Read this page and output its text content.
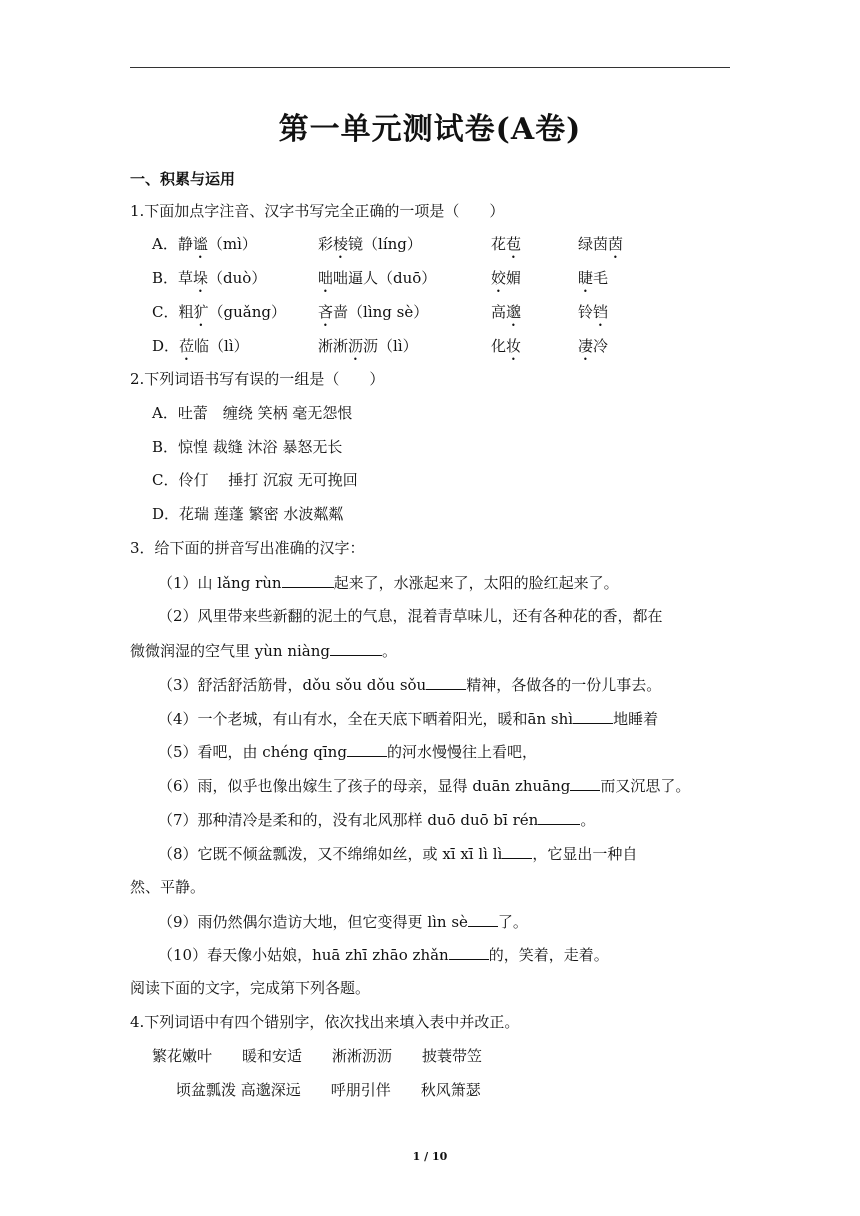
第一单元测试卷(A卷)
一、积累与运用
1.下面加点字注音、汉字书写完全正确的一项是（　　）
A．静谧（mì）	彩棱镜（líng）	花苞	绿茵茵
B．草垛（duò）	咄咄逼人（duō）	姣媚	睫毛
C．粗犷（guǎng） 吝啬（lìng sè）	高邈	铃铛
D．莅临（lì）	淅淅沥沥（lì）	化妆	凄冷
2.下列词语书写有误的一组是（　　）
A．吐蕾　缠绕 笑柄 毫无怨恨
B．惊惶 裁缝 沐浴 暴怒无长
C．伶仃　 捶打 沉寂 无可挽回
D．花瑞 莲蓬 繁密 水波粼粼
3．给下面的拼音写出准确的汉字：
（1）山 lǎng rùn	起来了，水涨起来了，太阳的脸红起来了。
（2）风里带来些新翻的泥土的气息，混着青草味儿，还有各种花的香，都在
微微润湿的空气里 yùn niàng	。
（3）舒活舒活筋骨，dǒu sǒu dǒu sǒu	精神，各做各的一份儿事去。
（4）一个老城，有山有水，全在天底下晒着阳光，暖和ān shì	地睡着
（5）看吧，由 chéng qīng	的河水慢慢往上看吧，
（6）雨，似乎也像出嫁生了孩子的母亲，显得 duān zhuāng 而又沉思了。
（7）那种清冷是柔和的，没有北风那样 duō duō bī rén	。
（8）它既不倾盆瓢泼，又不绵绵如丝，或 xī xī lì lì ，它显出一种自
然、平静。
（9）雨仍然偶尔造访大地，但它变得更 lìn sè 了。
（10）春天像小姑娘，huā zhī zhāo zhǎn	的，笑着，走着。
阅读下面的文字，完成第下列各题。
4.下列词语中有四个错别字，依次找出来填入表中并改正。
繁花嫩叶　　暖和安适　　淅淅沥沥　　披蓑带笠
顷盆瓢泼 高邈深远　　呼朋引伴　　秋风箫瑟
1 / 10
